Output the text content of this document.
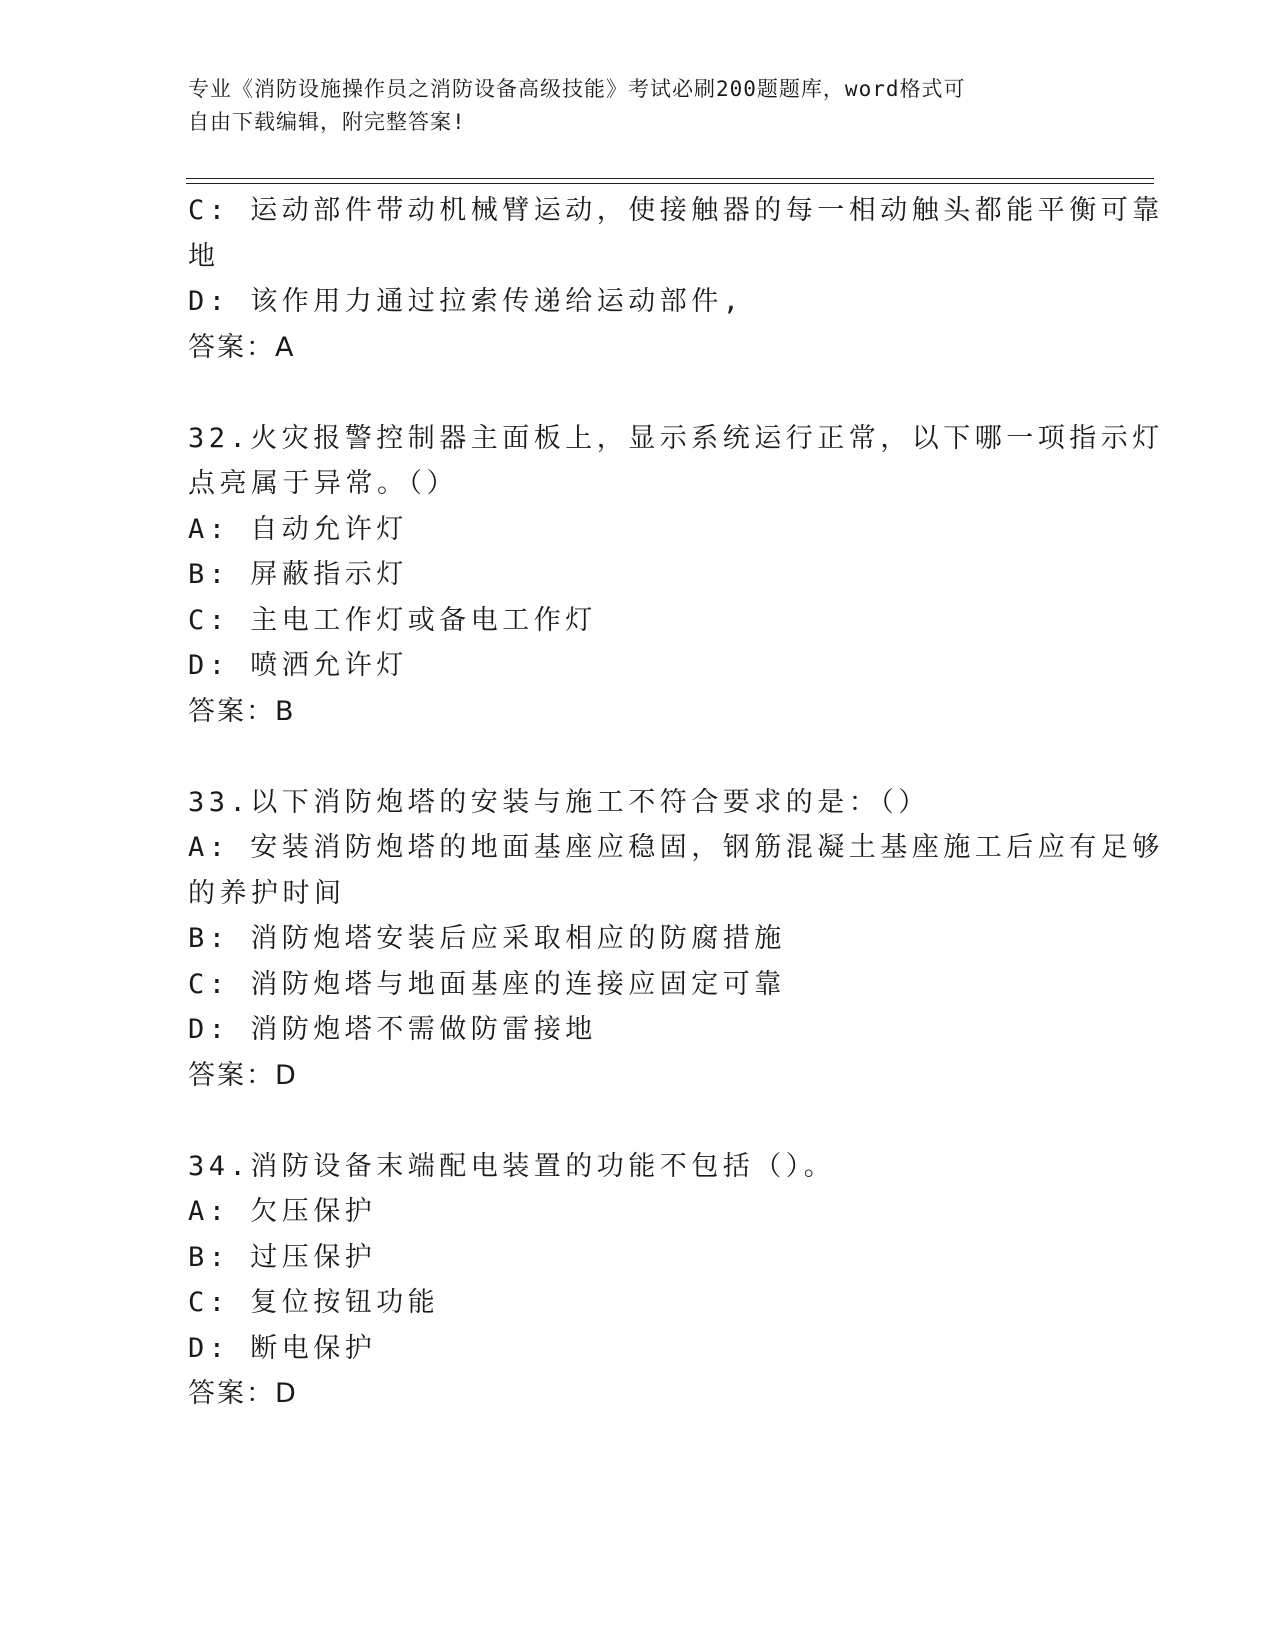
专业《消防设施操作员之消防设备高级技能》考试必刷200题题库，word格式可
自由下载编辑，附完整答案!
C: 运动部件带动机械臂运动，使接触器的每一相动触头都能平衡可靠
地
D: 该作用力通过拉索传递给运动部件,
答案：A
32.火灾报警控制器主面板上，显示系统运行正常，以下哪一项指示灯
点亮属于异常。（）
A: 自动允许灯
B: 屏蔽指示灯
C: 主电工作灯或备电工作灯
D: 喷洒允许灯
答案：B
33.以下消防炮塔的安装与施工不符合要求的是：（）
A: 安装消防炮塔的地面基座应稳固，钢筋混凝土基座施工后应有足够
的养护时间
B: 消防炮塔安装后应采取相应的防腐措施
C: 消防炮塔与地面基座的连接应固定可靠
D: 消防炮塔不需做防雷接地
答案：D
34.消防设备末端配电装置的功能不包括（）。
A: 欠压保护
B: 过压保护
C: 复位按钮功能
D: 断电保护
答案：D
